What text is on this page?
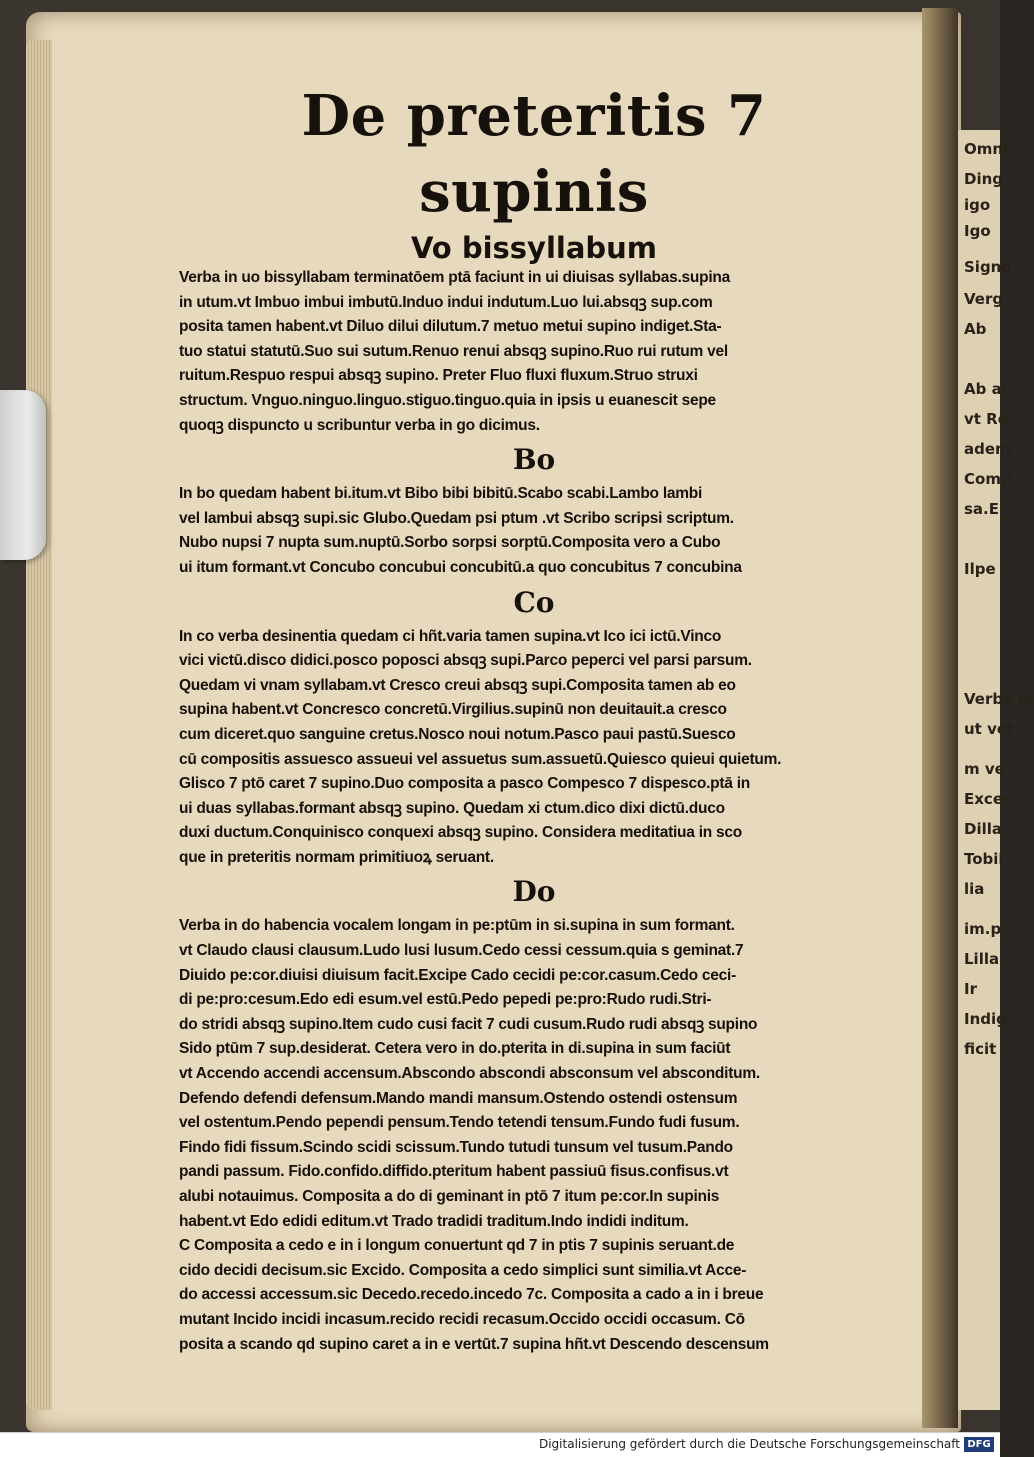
Omni
Ding
igo
Igo
Signo
Verg
Ab
Ab ac
vt Re
adem
Comp
sa.E
Ilpe
Verba in
ut vet
m ve
Excep
Dilla
Tobil
lia
im.p
Lilla
Ir
Indig
ficit
De preteritis 7 supinis
Vo bissyllabum

Verba in uo bissyllabam terminatōem ptā faciunt in ui diuisas syllabas.supina

in utum.vt Imbuo imbui imbutū.Induo indui indutum.Luo lui.absqꝫ sup.com

posita tamen habent.vt Diluo dilui dilutum.7 metuo metui supino indiget.Sta-

tuo statui statutū.Suo sui sutum.Renuo renui absqꝫ supino.Ruo rui rutum vel

ruitum.Respuo respui absqꝫ supino. Preter Fluo fluxi fluxum.Struo struxi

structum. Vnguo.ninguo.linguo.stiguo.tinguo.quia in ipsis u euanescit sepe

quoqꝫ dispuncto u scribuntur verba in go dicimus.

Bo

In bo quedam habent bi.itum.vt Bibo bibi bibitū.Scabo scabi.Lambo lambi

vel lambui absqꝫ supi.sic Glubo.Quedam psi ptum .vt Scribo scripsi scriptum.

Nubo nupsi 7 nupta sum.nuptū.Sorbo sorpsi sorptū.Composita vero a Cubo

ui itum formant.vt Concubo concubui concubitū.a quo concubitus 7 concubina

Co

In co verba desinentia quedam ci hñt.varia tamen supina.vt Ico ici ictū.Vinco

vici victū.disco didici.posco poposci absqꝫ supi.Parco peperci vel parsi parsum.

Quedam vi vnam syllabam.vt Cresco creui absqꝫ supi.Composita tamen ab eo

supina habent.vt Concresco concretū.Virgilius.supinū non deuitauit.a cresco

cum diceret.quo sanguine cretus.Nosco noui notum.Pasco paui pastū.Suesco

cū compositis assuesco assueui vel assuetus sum.assuetū.Quiesco quieui quietum.

Glisco 7 ptō caret 7 supino.Duo composita a pasco Compesco 7 dispesco.ptā in

ui duas syllabas.formant absqꝫ supino. Quedam xi ctum.dico dixi dictū.duco

duxi ductum.Conquinisco conquexi absqꝫ supino. Considera meditatiua in sco

que in preteritis normam primitiuoꝝ seruant.

Do

Verba in do habencia vocalem longam in pe:ptūm in si.supina in sum formant.

vt Claudo clausi clausum.Ludo lusi lusum.Cedo cessi cessum.quia s geminat.7

Diuido pe:cor.diuisi diuisum facit.Excipe Cado cecidi pe:cor.casum.Cedo ceci-

di pe:pro:cesum.Edo edi esum.vel estū.Pedo pepedi pe:pro:Rudo rudi.Stri-

do stridi absqꝫ supino.Item cudo cusi facit 7 cudi cusum.Rudo rudi absqꝫ supino

Sido ptūm 7 sup.desiderat. Cetera vero in do.pterita in di.supina in sum faciūt

vt Accendo accendi accensum.Abscondo abscondi absconsum vel absconditum.

Defendo defendi defensum.Mando mandi mansum.Ostendo ostendi ostensum

vel ostentum.Pendo pependi pensum.Tendo tetendi tensum.Fundo fudi fusum.

Findo fidi fissum.Scindo scidi scissum.Tundo tutudi tunsum vel tusum.Pando

pandi passum. Fido.confido.diffido.pteritum habent passiuū fisus.confisus.vt

alubi notauimus. Composita a do di geminant in ptō 7 itum pe:cor.In supinis

habent.vt Edo edidi editum.vt Trado tradidi traditum.Indo indidi inditum.

C Composita a cedo e in i longum conuertunt qd 7 in ptis 7 supinis seruant.de

cido decidi decisum.sic Excido. Composita a cedo simplici sunt similia.vt Acce-

do accessi accessum.sic Decedo.recedo.incedo 7c. Composita a cado a in i breue

mutant Incido incidi incasum.recido recidi recasum.Occido occidi occasum. Cō

posita a scando qd supino caret a in e vertūt.7 supina hñt.vt Descendo descensum

Digitalisierung gefördert durch die Deutsche Forschungsgemeinschaft DFG
